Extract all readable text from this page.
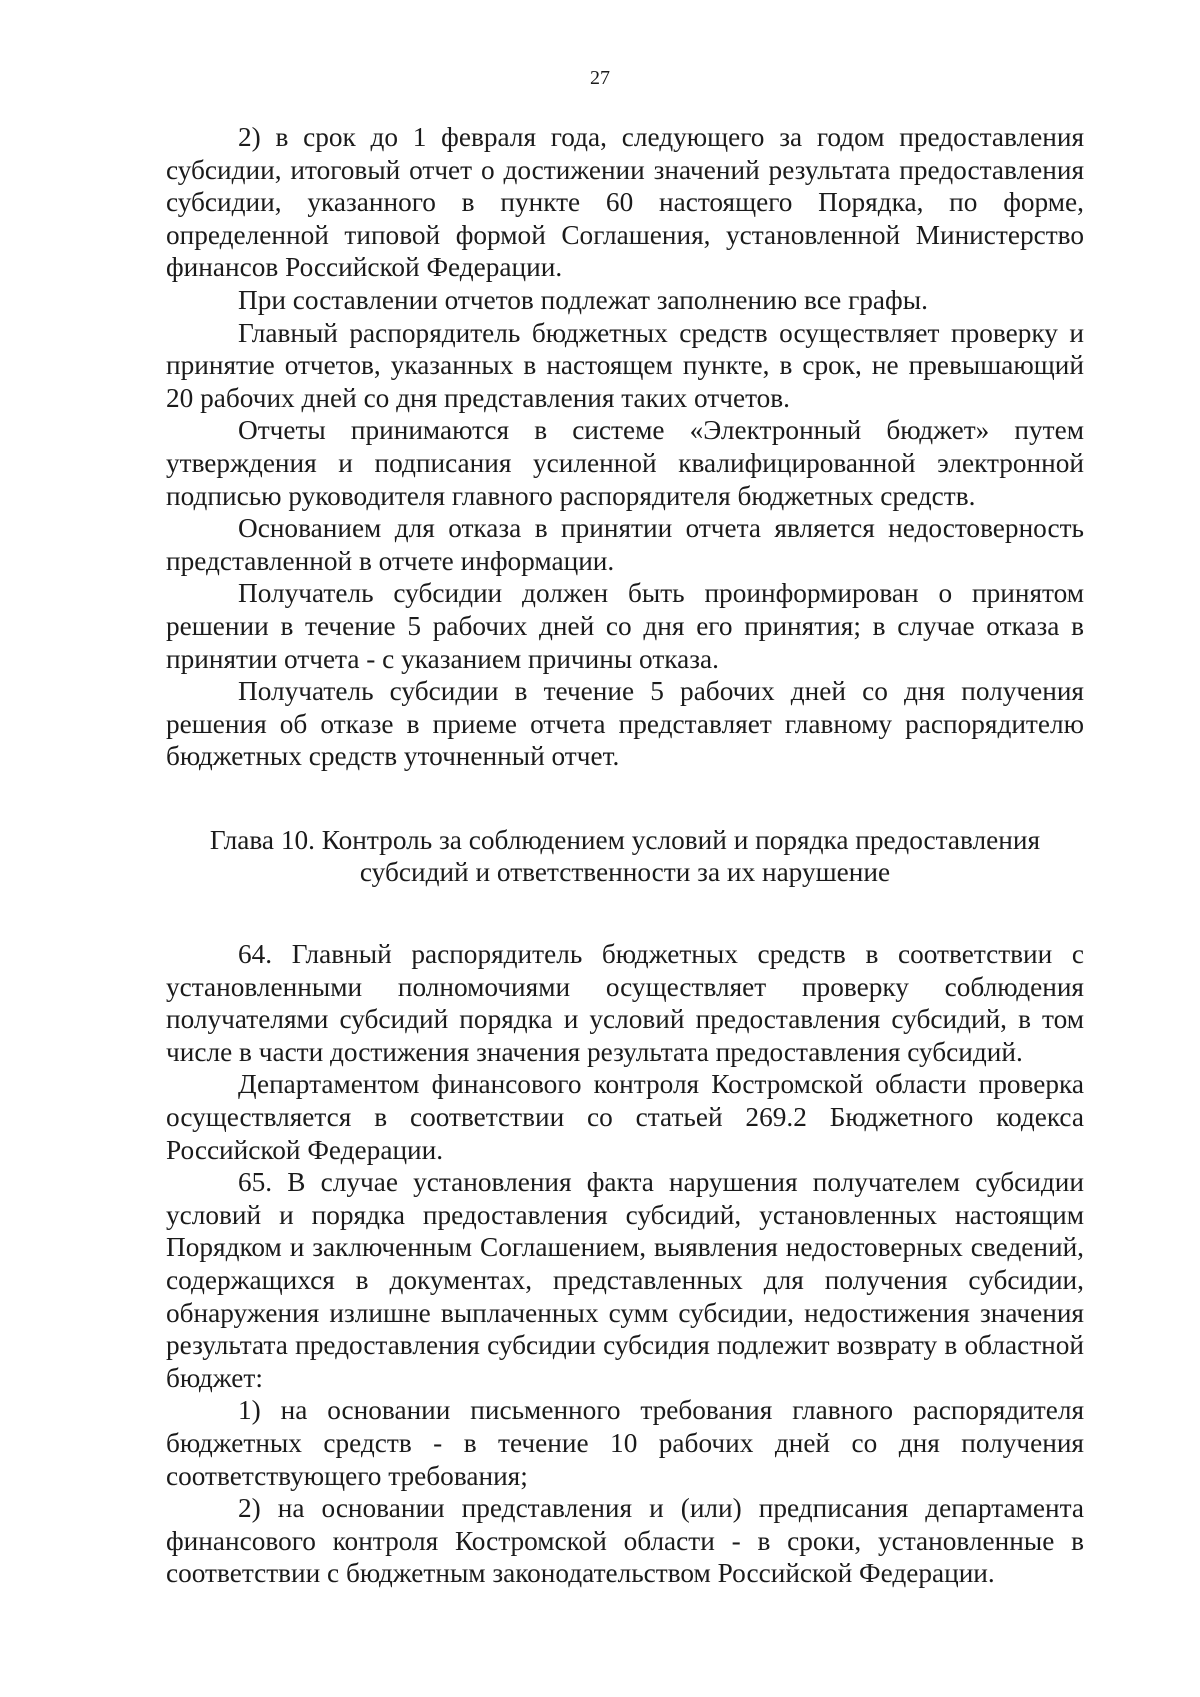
27

2) в срок до 1 февраля года, следующего за годом предоставления субсидии, итоговый отчет о достижении значений результата предоставления субсидии, указанного в пункте 60 настоящего Порядка, по форме, определенной типовой формой Соглашения, установленной Министерство финансов Российской Федерации.

При составлении отчетов подлежат заполнению все графы.

Главный распорядитель бюджетных средств осуществляет проверку и принятие отчетов, указанных в настоящем пункте, в срок, не превышающий 20 рабочих дней со дня представления таких отчетов.

Отчеты принимаются в системе «Электронный бюджет» путем утверждения и подписания усиленной квалифицированной электронной подписью руководителя главного распорядителя бюджетных средств.

Основанием для отказа в принятии отчета является недостоверность представленной в отчете информации.

Получатель субсидии должен быть проинформирован о принятом решении в течение 5 рабочих дней со дня его принятия; в случае отказа в принятии отчета - с указанием причины отказа.

Получатель субсидии в течение 5 рабочих дней со дня получения решения об отказе в приеме отчета представляет главному распорядителю бюджетных средств уточненный отчет.

Глава 10. Контроль за соблюдением условий и порядка предоставления
субсидий и ответственности за их нарушение

64. Главный распорядитель бюджетных средств в соответствии с установленными полномочиями осуществляет проверку соблюдения получателями субсидий порядка и условий предоставления субсидий, в том числе в части достижения значения результата предоставления субсидий.

Департаментом финансового контроля Костромской области проверка осуществляется в соответствии со статьей 269.2 Бюджетного кодекса Российской Федерации.

65. В случае установления факта нарушения получателем субсидии условий и порядка предоставления субсидий, установленных настоящим Порядком и заключенным Соглашением, выявления недостоверных сведений, содержащихся в документах, представленных для получения субсидии, обнаружения излишне выплаченных сумм субсидии, недостижения значения результата предоставления субсидии субсидия подлежит возврату в областной бюджет:

1) на основании письменного требования главного распорядителя бюджетных средств - в течение 10 рабочих дней со дня получения соответствующего требования;

2) на основании представления и (или) предписания департамента финансового контроля Костромской области - в сроки, установленные в соответствии с бюджетным законодательством Российской Федерации.
